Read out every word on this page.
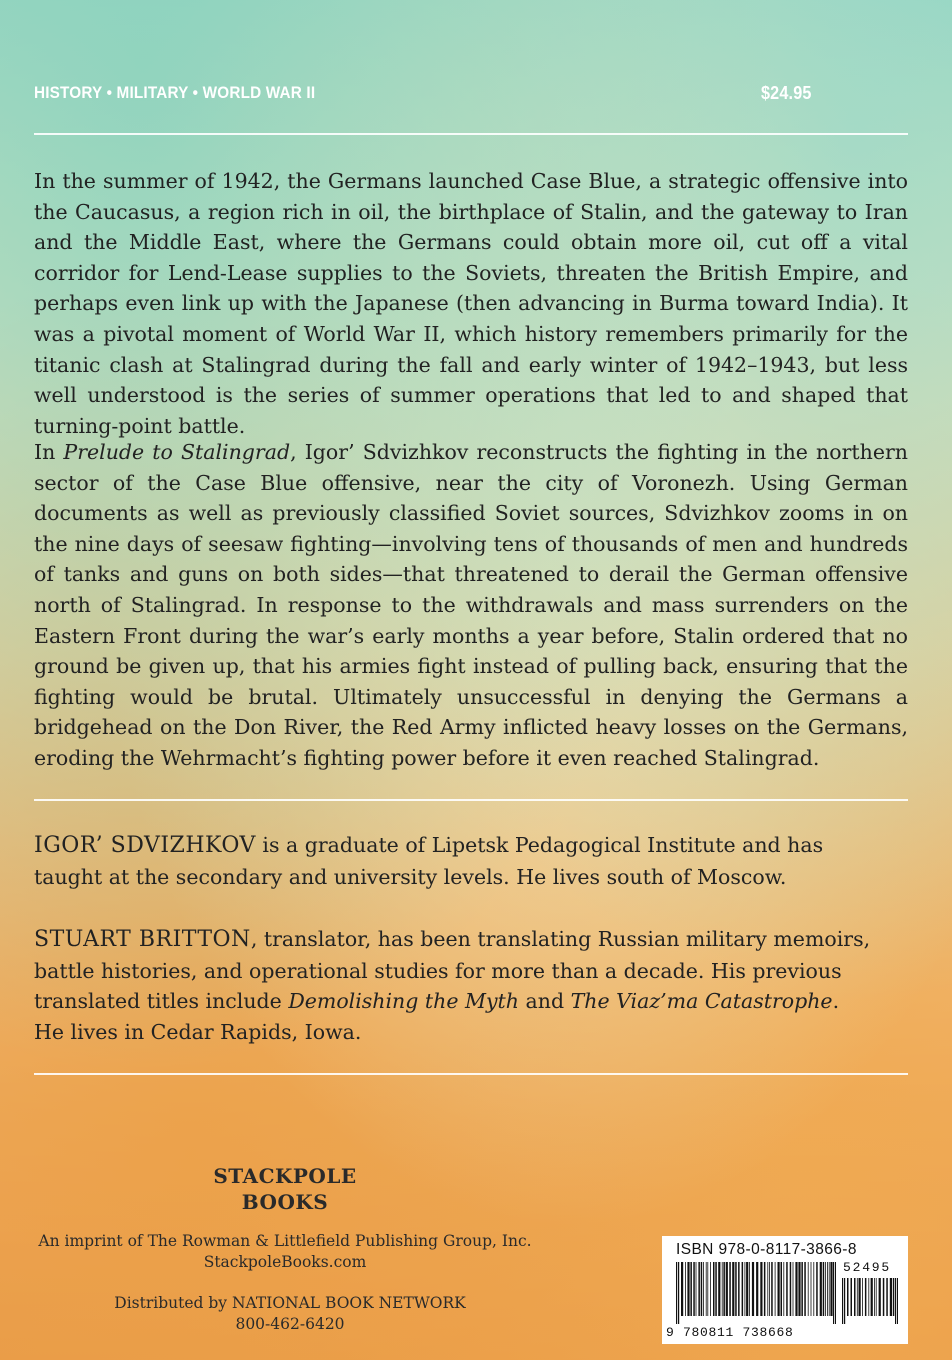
HISTORY • MILITARY • WORLD WAR II	$24.95

In the summer of 1942, the Germans launched Case Blue, a strategic offensive into the Caucasus, a region rich in oil, the birthplace of Stalin, and the gateway to Iran and the Middle East, where the Germans could obtain more oil, cut off a vital corridor for Lend-Lease supplies to the Soviets, threaten the British Empire, and perhaps even link up with the Japanese (then advancing in Burma toward India). It was a pivotal moment of World War II, which history remembers primarily for the titanic clash at Stalingrad during the fall and early winter of 1942–1943, but less well understood is the series of summer operations that led to and shaped that turning-point battle.

In Prelude to Stalingrad, Igor’ Sdvizhkov reconstructs the fighting in the northern sector of the Case Blue offensive, near the city of Voronezh. Using German documents as well as previously classified Soviet sources, Sdvizhkov zooms in on the nine days of seesaw fighting—involving tens of thousands of men and hundreds of tanks and guns on both sides—that threatened to derail the German offensive north of Stalingrad. In response to the withdrawals and mass surrenders on the Eastern Front during the war’s early months a year before, Stalin ordered that no ground be given up, that his armies fight instead of pulling back, ensuring that the fighting would be brutal. Ultimately unsuccessful in denying the Germans a bridgehead on the Don River, the Red Army inflicted heavy losses on the Germans, eroding the Wehrmacht’s fighting power before it even reached Stalingrad.

IGOR’ SDVIZHKOV is a graduate of Lipetsk Pedagogical Institute and has taught at the secondary and university levels. He lives south of Moscow.

STUART BRITTON, translator, has been translating Russian military memoirs, battle histories, and operational studies for more than a decade. His previous translated titles include Demolishing the Myth and The Viaz’ma Catastrophe. He lives in Cedar Rapids, Iowa.

STACKPOLE
BOOKS
An imprint of The Rowman & Littlefield Publishing Group, Inc.
StackpoleBooks.com
Distributed by NATIONAL BOOK NETWORK
800-462-6420
ISBN 978-0-8117-3866-8
52495
9 780811 738668
